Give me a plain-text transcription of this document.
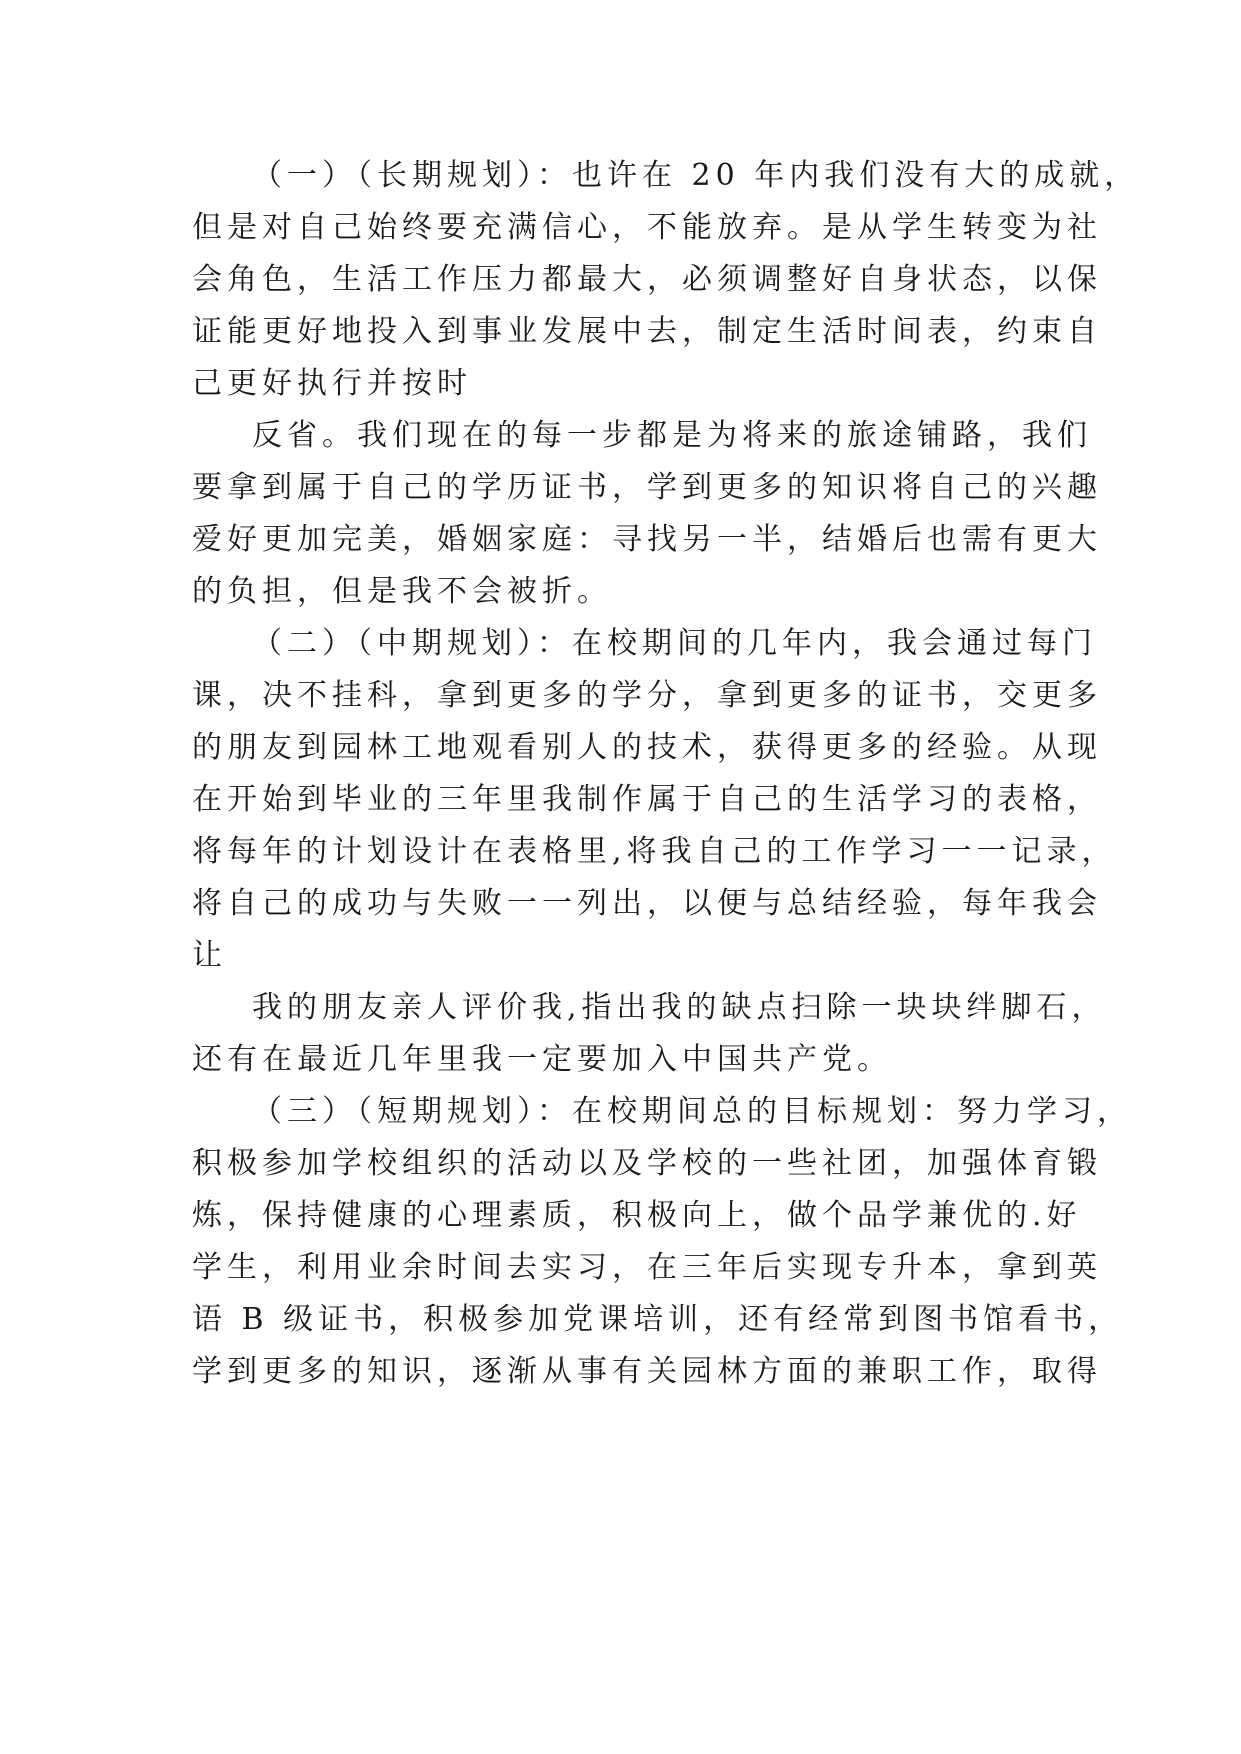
（一）（长期规划）：也许在 20 年内我们没有大的成就，
但是对自己始终要充满信心，不能放弃。是从学生转变为社
会角色，生活工作压力都最大，必须调整好自身状态，以保
证能更好地投入到事业发展中去，制定生活时间表，约束自
己更好执行并按时
反省。我们现在的每一步都是为将来的旅途铺路，我们
要拿到属于自己的学历证书，学到更多的知识将自己的兴趣
爱好更加完美，婚姻家庭：寻找另一半，结婚后也需有更大
的负担，但是我不会被折。
（二）（中期规划）：在校期间的几年内，我会通过每门
课，决不挂科，拿到更多的学分，拿到更多的证书，交更多
的朋友到园林工地观看别人的技术，获得更多的经验。从现
在开始到毕业的三年里我制作属于自己的生活学习的表格，
将每年的计划设计在表格里,将我自己的工作学习一一记录，
将自己的成功与失败一一列出，以便与总结经验，每年我会
让
我的朋友亲人评价我,指出我的缺点扫除一块块绊脚石，
还有在最近几年里我一定要加入中国共产党。
（三）（短期规划）：在校期间总的目标规划：努力学习，
积极参加学校组织的活动以及学校的一些社团，加强体育锻
炼，保持健康的心理素质，积极向上，做个品学兼优的.好
学生，利用业余时间去实习，在三年后实现专升本，拿到英
语 B 级证书，积极参加党课培训，还有经常到图书馆看书，
学到更多的知识，逐渐从事有关园林方面的兼职工作，取得
